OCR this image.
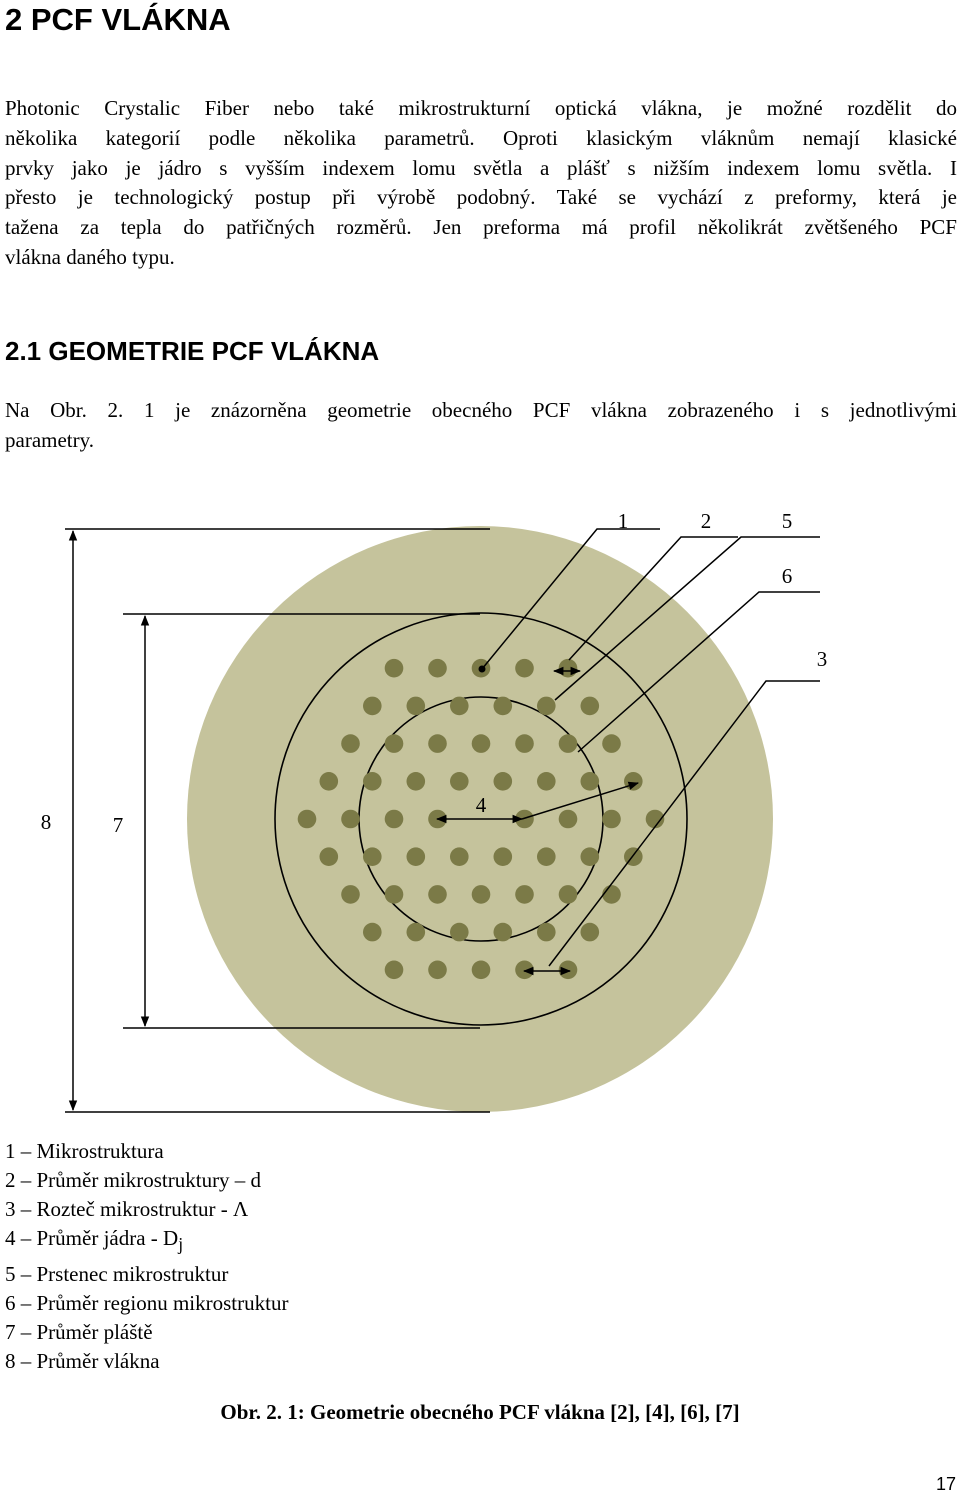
2 PCF VLÁKNA

Photonic Crystalic Fiber nebo také mikrostrukturní optická vlákna, je možné rozdělit do
několika kategorií podle několika parametrů. Oproti klasickým vláknům nemají klasické
prvky jako je jádro s vyšším indexem lomu světla a plášť s nižším indexem lomu světla. I
přesto je technologický postup při výrobě podobný. Také se vychází z preformy, která je
tažena za tepla do patřičných rozměrů. Jen preforma má profil několikrát zvětšeného PCF
vlákna daného typu.

2.1 GEOMETRIE PCF VLÁKNA

Na Obr. 2. 1 je znázorněna geometrie obecného PCF vlákna zobrazeného i s jednotlivými
parametry.

1	2	5
6
3
4
8	7
1 – Mikrostruktura
2 – Průměr mikrostruktury – d
3 – Rozteč mikrostruktur - Λ
4 – Průměr jádra - $D_j$
5 – Prstenec mikrostruktur
6 – Průměr regionu mikrostruktur
7 – Průměr pláště
8 – Průměr vlákna
Obr. 2. 1: Geometrie obecného PCF vlákna [2], [4], [6], [7]
17
